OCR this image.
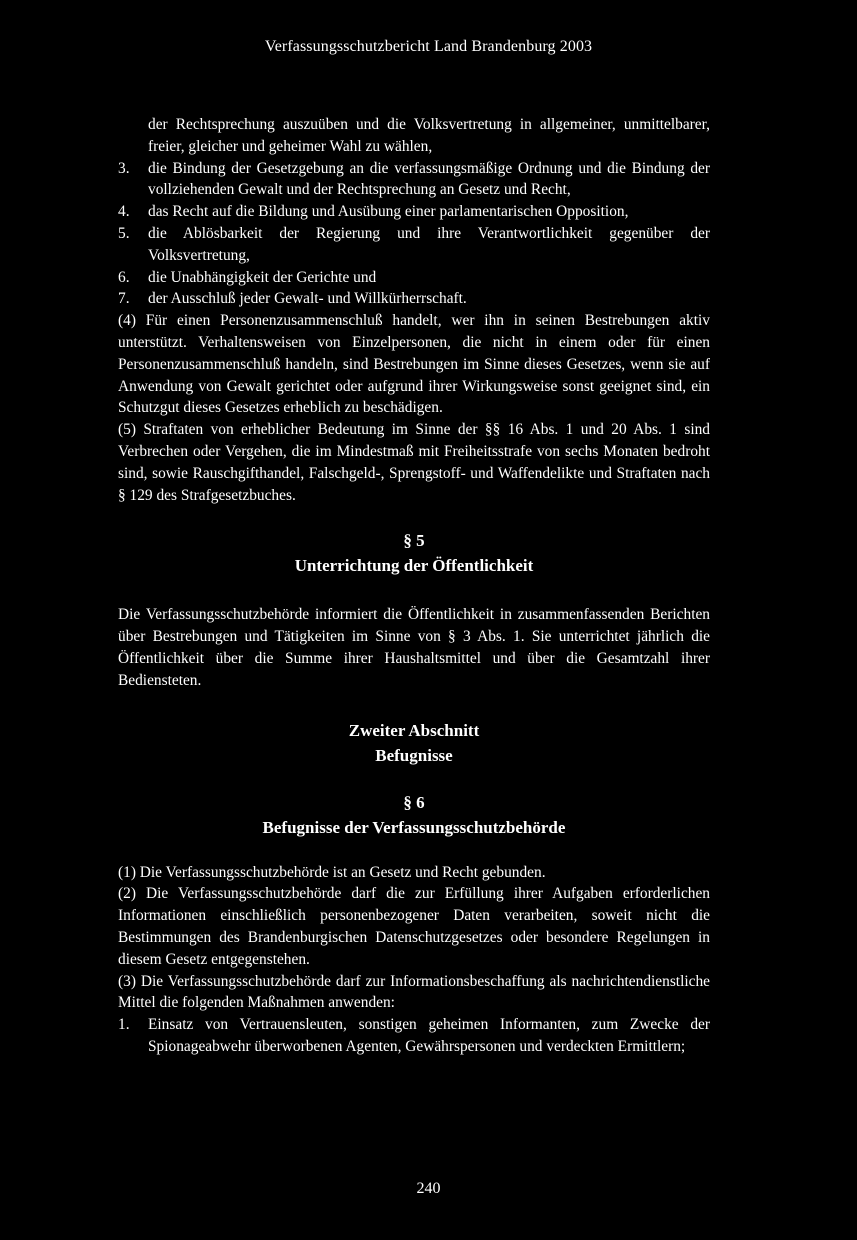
Verfassungsschutzbericht Land Brandenburg 2003

der Rechtsprechung auszuüben und die Volksvertretung in allgemeiner, unmittelbarer, freier, gleicher und geheimer Wahl zu wählen,

3. die Bindung der Gesetzgebung an die verfassungsmäßige Ordnung und die Bindung der vollziehenden Gewalt und der Rechtsprechung an Gesetz und Recht,
4. das Recht auf die Bildung und Ausübung einer parlamentarischen Opposition,
5. die Ablösbarkeit der Regierung und ihre Verantwortlichkeit gegenüber der Volksvertretung,
6. die Unabhängigkeit der Gerichte und
7. der Ausschluß jeder Gewalt- und Willkürherrschaft.

(4) Für einen Personenzusammenschluß handelt, wer ihn in seinen Bestrebungen aktiv unterstützt. Verhaltensweisen von Einzelpersonen, die nicht in einem oder für einen Personenzusammenschluß handeln, sind Bestrebungen im Sinne dieses Gesetzes, wenn sie auf Anwendung von Gewalt gerichtet oder aufgrund ihrer Wirkungsweise sonst geeignet sind, ein Schutzgut dieses Gesetzes erheblich zu beschädigen.

(5) Straftaten von erheblicher Bedeutung im Sinne der §§ 16 Abs. 1 und 20 Abs. 1 sind Verbrechen oder Vergehen, die im Mindestmaß mit Freiheitsstrafe von sechs Monaten bedroht sind, sowie Rauschgifthandel, Falschgeld-, Sprengstoff- und Waffendelikte und Straftaten nach § 129 des Strafgesetzbuches.

§ 5
Unterrichtung der Öffentlichkeit

Die Verfassungsschutzbehörde informiert die Öffentlichkeit in zusammenfassenden Berichten über Bestrebungen und Tätigkeiten im Sinne von § 3 Abs. 1. Sie unterrichtet jährlich die Öffentlichkeit über die Summe ihrer Haushaltsmittel und über die Gesamtzahl ihrer Bediensteten.

Zweiter Abschnitt
Befugnisse
§ 6
Befugnisse der Verfassungsschutzbehörde

(1) Die Verfassungsschutzbehörde ist an Gesetz und Recht gebunden.

(2) Die Verfassungsschutzbehörde darf die zur Erfüllung ihrer Aufgaben erforderlichen Informationen einschließlich personenbezogener Daten verarbeiten, soweit nicht die Bestimmungen des Brandenburgischen Datenschutzgesetzes oder besondere Regelungen in diesem Gesetz entgegenstehen.

(3) Die Verfassungsschutzbehörde darf zur Informationsbeschaffung als nachrichtendienstliche Mittel die folgenden Maßnahmen anwenden:

1. Einsatz von Vertrauensleuten, sonstigen geheimen Informanten, zum Zwecke der Spionageabwehr überworbenen Agenten, Gewährspersonen und verdeckten Ermittlern;
240
